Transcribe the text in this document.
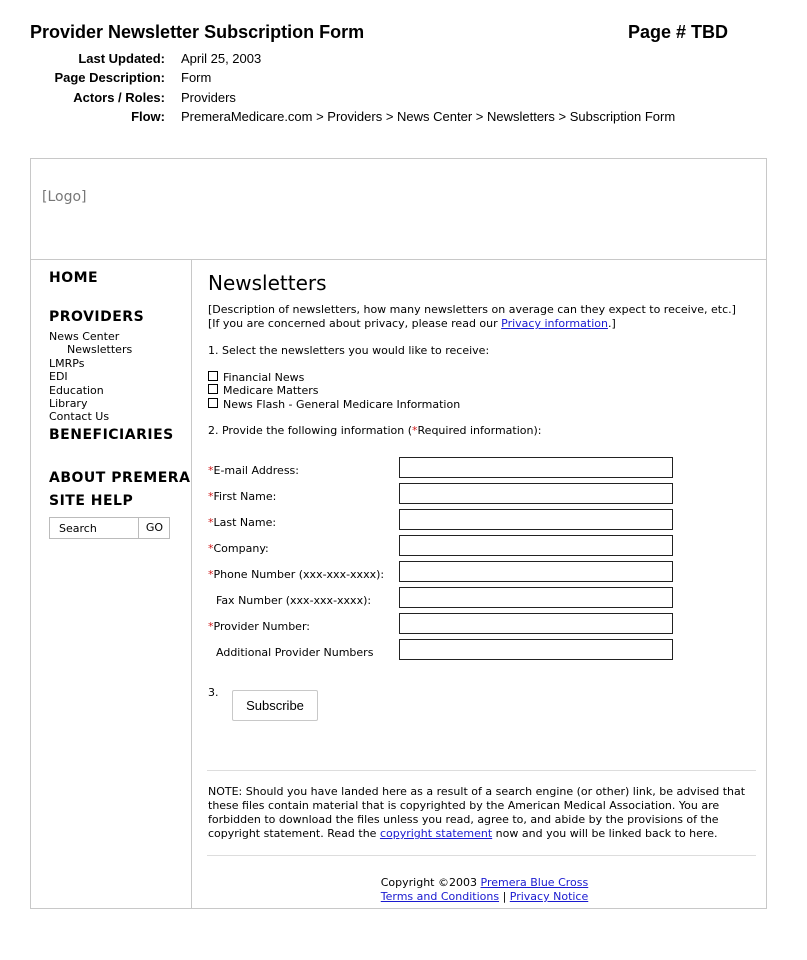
Provider Newsletter Subscription Form	Page # TBD
Last Updated: April 25, 2003
Page Description: Form
Actors / Roles: Providers
Flow: PremeraMedicare.com > Providers > News Center > Newsletters > Subscription Form
[Logo]
HOME
PROVIDERS
News Center
Newsletters
LMRPs
EDI
Education
Library
Contact Us
BENEFICIARIES
ABOUT PREMERA
SITE HELP
Search	GO
Newsletters
[Description of newsletters, how many newsletters on average can they expect to receive, etc.]
[If you are concerned about privacy, please read our Privacy information.]
1. Select the newsletters you would like to receive:
Financial News
Medicare Matters
News Flash - General Medicare Information
2. Provide the following information (*Required information):
*E-mail Address:
*First Name:
*Last Name:
*Company:
*Phone Number (xxx-xxx-xxxx):
Fax Number (xxx-xxx-xxxx):
*Provider Number:
Additional Provider Numbers
3.
Subscribe
NOTE: Should you have landed here as a result of a search engine (or other) link, be advised that these files contain material that is copyrighted by the American Medical Association. You are forbidden to download the files unless you read, agree to, and abide by the provisions of the copyright statement. Read the copyright statement now and you will be linked back to here.
Copyright ©2003 Premera Blue Cross
Terms and Conditions | Privacy Notice
